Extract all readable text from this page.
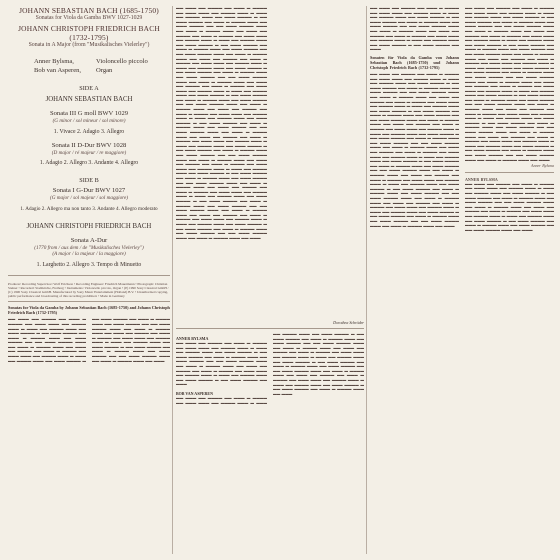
JOHANN SEBASTIAN BACH (1685-1750)
Sonatas for Viola da Gamba BWV 1027-1029
JOHANN CHRISTOPH FRIEDRICH BACH (1732-1795)
Sonata in A Major (from "Musikalisches Vielerley")
Anner Bylsma,	Violoncello piccolo
Bob van Asperen,	Organ
SIDE A
JOHANN SEBASTIAN BACH
Sonata III G moll BWV 1029
(G minor / sol mineur / sol minore)
1. Vivace 2. Adagio 3. Allegro
Sonata II D-Dur BWV 1028
(D major / ré majeur / re maggiore)
1. Adagio 2. Allegro 3. Andante 4. Allegro
SIDE B
Sonata I G-Dur BWV 1027
(G major / sol majeur / sol maggiore)
1. Adagio 2. Allegro ma non tanto 3. Andante 4. Allegro moderato
JOHANN CHRISTOPH FRIEDRICH BACH
Sonata A-Dur
(1770 from / aus dem / de "Musikalisches Vielerley")
(A major / la majeur / la maggiore)
1. Larghetto 2. Allegro 3. Tempo di Minuetto
Producer: Recording Supervisor: Wolf Erichson • Recording Engineer: Friedrich Mauermann • Photograph: Christian Steiner • Recorded: Stadtkirche, Freiberg • Instruments: Violoncello piccolo, Organ • (P) 1990 Sony Classical GmbH / (C) 1990 Sony Classical GmbH. Manufactured by Sony Music Entertainment (Holland) B.V. • Unauthorized copying, public performance and broadcasting of this recording prohibited. • Made in Germany
Sonatas for Viola da Gamba by Johann Sebastian Bach (1685-1750) and Johann Christoph Friedrich Bach (1732-1795)
▬▬ ▬▬▬ ▬▬ ▬▬▬▬ ▬▬ ▬▬▬ ▬ ▬▬▬▬ ▬▬ ▬▬▬ ▬▬▬ ▬▬ ▬▬▬▬ ▬▬▬ ▬ ▬▬▬ ▬▬ ▬▬▬▬ ▬▬▬ ▬▬ ▬▬▬ ▬▬▬▬ ▬ ▬▬ ▬▬▬ ▬▬▬▬ ▬▬ ▬▬▬ ▬ ▬▬▬▬ ▬▬▬ ▬▬ ▬▬▬ ▬▬▬▬ ▬▬ ▬▬ ▬▬▬ ▬▬▬▬ ▬▬▬ ▬▬ ▬▬▬ ▬ ▬▬▬▬ ▬▬▬ ▬▬ ▬▬▬ ▬▬ ▬▬▬▬ ▬▬ ▬▬▬ ▬ ▬▬▬▬ ▬▬ ▬▬▬ ▬▬▬ ▬▬ ▬▬▬▬ ▬▬▬ ▬ ▬▬▬ ▬▬ ▬▬▬▬ ▬▬▬ ▬▬ ▬▬▬ ▬▬▬▬ ▬ ▬▬ ▬▬▬ ▬▬▬▬ ▬▬ ▬▬▬ ▬ ▬▬▬▬ ▬▬▬ ▬▬ ▬▬▬ ▬▬▬▬ ▬▬ ▬▬ ▬▬▬ ▬▬▬▬ ▬▬▬ ▬▬ ▬▬▬ ▬ ▬▬▬▬ ▬▬▬ ▬▬ ▬▬▬ ▬▬ ▬▬▬▬ ▬▬ ▬▬▬ ▬ ▬▬▬▬ ▬▬ ▬▬▬ ▬▬▬ ▬▬ ▬▬▬▬ ▬▬▬ ▬ ▬▬▬ ▬▬ ▬▬▬▬ ▬▬▬ ▬▬ ▬▬▬ ▬▬▬▬ ▬ ▬▬ ▬▬▬ ▬▬▬▬ ▬▬ ▬▬▬ ▬ ▬▬▬▬ ▬▬▬ ▬▬ ▬▬▬ ▬▬▬▬ ▬▬ ▬▬ ▬▬▬ ▬▬▬▬ ▬▬▬ ▬▬ ▬▬▬ ▬ ▬▬▬▬ ▬▬▬ ▬▬ ▬▬▬
▬▬ ▬▬▬ ▬▬ ▬▬▬▬ ▬▬ ▬▬▬ ▬ ▬▬▬▬ ▬▬ ▬▬▬ ▬▬▬ ▬▬ ▬▬▬▬ ▬▬▬ ▬ ▬▬▬ ▬▬ ▬▬▬▬ ▬▬▬ ▬▬ ▬▬▬ ▬▬▬▬ ▬ ▬▬ ▬▬▬ ▬▬▬▬ ▬▬ ▬▬▬ ▬ ▬▬▬▬ ▬▬▬ ▬▬ ▬▬▬ ▬▬▬▬ ▬▬ ▬▬ ▬▬▬ ▬▬▬▬ ▬▬▬ ▬▬ ▬▬▬ ▬ ▬▬▬▬ ▬▬▬ ▬▬ ▬▬▬ ▬▬ ▬▬▬▬ ▬▬ ▬▬▬ ▬ ▬▬▬▬ ▬▬ ▬▬▬ ▬▬▬ ▬▬ ▬▬▬▬ ▬▬▬ ▬ ▬▬▬ ▬▬ ▬▬▬▬ ▬▬▬ ▬▬ ▬▬▬ ▬▬▬▬ ▬ ▬▬ ▬▬▬ ▬▬▬▬ ▬▬ ▬▬▬ ▬ ▬▬▬▬ ▬▬▬ ▬▬ ▬▬▬ ▬▬▬▬ ▬▬ ▬▬ ▬▬▬ ▬▬▬▬ ▬▬▬ ▬▬ ▬▬▬ ▬ ▬▬▬▬ ▬▬▬ ▬▬ ▬▬▬ ▬▬ ▬▬▬▬ ▬▬ ▬▬▬ ▬ ▬▬▬▬ ▬▬ ▬▬▬ ▬▬▬ ▬▬ ▬▬▬▬ ▬▬▬ ▬ ▬▬▬ ▬▬ ▬▬▬▬ ▬▬▬ ▬▬ ▬▬▬ ▬▬▬▬ ▬ ▬▬ ▬▬▬ ▬▬▬▬ ▬▬ ▬▬▬ ▬ ▬▬▬▬ ▬▬▬ ▬▬ ▬▬▬ ▬▬▬▬ ▬▬ ▬▬ ▬▬▬ ▬▬▬▬ ▬▬▬ ▬▬ ▬▬▬ ▬ ▬▬▬▬ ▬▬▬ ▬▬ ▬▬▬ ▬▬ ▬▬▬▬ ▬▬ ▬▬▬ ▬ ▬▬▬▬ ▬▬ ▬▬▬ ▬▬▬ ▬▬ ▬▬▬▬ ▬▬▬ ▬ ▬▬▬ ▬▬ ▬▬▬▬ ▬▬▬ ▬▬ ▬▬▬ ▬▬▬▬ ▬ ▬▬ ▬▬▬ ▬▬▬▬ ▬▬ ▬▬▬ ▬ ▬▬▬▬ ▬▬▬ ▬▬ ▬▬▬ ▬▬▬▬ ▬▬ ▬▬ ▬▬▬ ▬▬▬▬ ▬▬▬ ▬▬ ▬▬▬ ▬ ▬▬▬▬ ▬▬▬ ▬▬ ▬▬▬ ▬▬ ▬▬▬▬ ▬▬ ▬▬▬ ▬ ▬▬▬▬ ▬▬ ▬▬▬ ▬▬▬ ▬▬ ▬▬▬▬ ▬▬▬ ▬ ▬▬▬ ▬▬ ▬▬▬▬ ▬▬▬ ▬▬ ▬▬▬ ▬▬▬▬ ▬ ▬▬ ▬▬▬ ▬▬▬▬ ▬▬ ▬▬▬ ▬ ▬▬▬▬ ▬▬▬ ▬▬ ▬▬▬ ▬▬▬▬ ▬▬ ▬▬ ▬▬▬ ▬▬▬▬ ▬▬▬ ▬▬ ▬▬▬ ▬ ▬▬▬▬ ▬▬▬ ▬▬ ▬▬▬ ▬▬ ▬▬▬▬ ▬▬ ▬▬▬ ▬ ▬▬▬▬ ▬▬ ▬▬▬ ▬▬▬ ▬▬ ▬▬▬▬ ▬▬▬ ▬ ▬▬▬ ▬▬ ▬▬▬▬ ▬▬▬ ▬▬ ▬▬▬ ▬▬▬▬ ▬ ▬▬ ▬▬▬ ▬▬▬▬ ▬▬ ▬▬▬ ▬ ▬▬▬▬ ▬▬▬ ▬▬ ▬▬▬ ▬▬▬▬ ▬▬ ▬▬ ▬▬▬ ▬▬▬▬ ▬▬▬ ▬▬ ▬▬▬ ▬ ▬▬▬▬ ▬▬▬ ▬▬ ▬▬▬ ▬▬ ▬▬▬▬ ▬▬ ▬▬▬ ▬ ▬▬▬▬ ▬▬ ▬▬▬ ▬▬▬ ▬▬ ▬▬▬▬ ▬▬▬ ▬ ▬▬▬ ▬▬ ▬▬▬▬ ▬▬▬ ▬▬ ▬▬▬ ▬▬▬▬ ▬ ▬▬ ▬▬▬ ▬▬▬▬ ▬▬ ▬▬▬ ▬ ▬▬▬▬ ▬▬▬ ▬▬ ▬▬▬ ▬▬▬▬ ▬▬ ▬▬ ▬▬▬ ▬▬▬▬ ▬▬▬ ▬▬ ▬▬▬ ▬ ▬▬▬▬ ▬▬▬ ▬▬ ▬▬▬ ▬▬ ▬▬▬▬ ▬▬ ▬▬▬ ▬ ▬▬▬▬ ▬▬ ▬▬▬ ▬▬▬ ▬▬ ▬▬▬▬ ▬▬▬ ▬ ▬▬▬ ▬▬ ▬▬▬▬ ▬▬▬ ▬▬ ▬▬▬ ▬▬▬▬ ▬ ▬▬ ▬▬▬ ▬▬▬▬ ▬▬ ▬▬▬ ▬ ▬▬▬▬ ▬▬▬ ▬▬ ▬▬▬ ▬▬▬▬ ▬▬ ▬▬ ▬▬▬ ▬▬▬▬ ▬▬▬ ▬▬ ▬▬▬ ▬ ▬▬▬▬ ▬▬▬ ▬▬ ▬▬▬ ▬▬ ▬▬▬▬ ▬▬ ▬▬▬ ▬ ▬▬▬▬ ▬▬ ▬▬▬ ▬▬▬ ▬▬ ▬▬▬▬ ▬▬▬ ▬ ▬▬▬ ▬▬ ▬▬▬▬ ▬▬▬ ▬▬ ▬▬▬ ▬▬▬▬ ▬ ▬▬ ▬▬▬ ▬▬▬▬ ▬▬ ▬▬▬ ▬ ▬▬▬▬ ▬▬▬ ▬▬ ▬▬▬ ▬▬▬▬ ▬▬ ▬▬ ▬▬▬ ▬▬▬▬ ▬▬▬ ▬▬ ▬▬▬ ▬ ▬▬▬▬ ▬▬▬ ▬▬ ▬▬▬
Dorothea Schröder
ANNER BYLSMA
▬▬ ▬▬▬ ▬▬ ▬▬▬▬ ▬▬ ▬▬▬ ▬ ▬▬▬▬ ▬▬ ▬▬▬ ▬▬▬ ▬▬ ▬▬▬▬ ▬▬▬ ▬ ▬▬▬ ▬▬ ▬▬▬▬ ▬▬▬ ▬▬ ▬▬▬ ▬▬▬▬ ▬ ▬▬ ▬▬▬ ▬▬▬▬ ▬▬ ▬▬▬ ▬ ▬▬▬▬ ▬▬▬ ▬▬ ▬▬▬ ▬▬▬▬ ▬▬ ▬▬ ▬▬▬ ▬▬▬▬ ▬▬▬ ▬▬ ▬▬▬ ▬ ▬▬▬▬ ▬▬▬ ▬▬ ▬▬▬ ▬▬ ▬▬▬▬ ▬▬ ▬▬▬ ▬ ▬▬▬▬ ▬▬ ▬▬▬ ▬▬▬ ▬▬ ▬▬▬▬ ▬▬▬ ▬ ▬▬▬ ▬▬ ▬▬▬▬ ▬▬▬ ▬▬ ▬▬▬ ▬▬▬▬ ▬ ▬▬ ▬▬▬ ▬▬▬▬ ▬▬ ▬▬▬
BOB VAN ASPEREN
▬▬ ▬▬▬ ▬▬ ▬▬▬▬ ▬▬ ▬▬▬ ▬ ▬▬▬▬ ▬▬ ▬▬▬ ▬▬▬ ▬▬ ▬▬▬▬ ▬▬▬ ▬ ▬▬▬ ▬▬ ▬▬▬▬ ▬▬▬ ▬▬ ▬▬▬ ▬▬▬▬ ▬ ▬▬ ▬▬▬ ▬▬▬▬ ▬▬ ▬▬▬ ▬ ▬▬▬▬ ▬▬▬ ▬▬ ▬▬▬ ▬▬▬▬ ▬▬ ▬▬ ▬▬▬ ▬▬▬▬ ▬▬▬ ▬▬ ▬▬▬ ▬ ▬▬▬▬ ▬▬▬ ▬▬ ▬▬▬ ▬▬ ▬▬▬▬ ▬▬ ▬▬▬ ▬ ▬▬▬▬ ▬▬ ▬▬▬ ▬▬▬ ▬▬ ▬▬▬▬ ▬▬▬ ▬ ▬▬▬ ▬▬ ▬▬▬▬ ▬▬▬ ▬▬ ▬▬▬ ▬▬▬▬ ▬ ▬▬ ▬▬▬ ▬▬▬▬ ▬▬ ▬▬▬ ▬ ▬▬▬▬ ▬▬▬ ▬▬ ▬▬▬ ▬▬▬▬ ▬▬ ▬▬ ▬▬▬ ▬▬▬▬ ▬▬▬ ▬▬ ▬▬▬ ▬ ▬▬▬▬ ▬▬▬ ▬▬ ▬▬▬ ▬▬ ▬▬▬▬ ▬▬ ▬▬▬ ▬ ▬▬▬▬ ▬▬ ▬▬▬ ▬▬▬ ▬▬ ▬▬▬▬ ▬▬▬ ▬ ▬▬▬ ▬▬ ▬▬▬▬ ▬▬▬ ▬▬ ▬▬▬ ▬▬▬▬ ▬ ▬▬ ▬▬▬ ▬▬▬▬ ▬▬ ▬▬▬ ▬ ▬▬▬▬ ▬▬▬ ▬▬ ▬▬▬
▬▬ ▬▬▬ ▬▬ ▬▬▬▬ ▬▬ ▬▬▬ ▬ ▬▬▬▬ ▬▬ ▬▬▬ ▬▬▬ ▬▬ ▬▬▬▬ ▬▬▬ ▬ ▬▬▬ ▬▬ ▬▬▬▬ ▬▬▬ ▬▬ ▬▬▬ ▬▬▬▬ ▬ ▬▬ ▬▬▬ ▬▬▬▬ ▬▬ ▬▬▬ ▬ ▬▬▬▬ ▬▬▬ ▬▬ ▬▬▬ ▬▬▬▬ ▬▬ ▬▬ ▬▬▬ ▬▬▬▬ ▬▬▬ ▬▬ ▬▬▬ ▬ ▬▬▬▬ ▬▬▬ ▬▬ ▬▬▬ ▬▬ ▬▬▬▬ ▬▬ ▬▬▬ ▬ ▬▬▬▬ ▬▬ ▬▬▬ ▬▬▬ ▬▬ ▬▬▬▬ ▬▬▬ ▬ ▬▬▬ ▬▬ ▬▬▬▬ ▬▬▬ ▬▬ ▬▬▬ ▬▬▬▬ ▬ ▬▬ ▬▬▬ ▬▬▬▬ ▬▬ ▬▬▬
Sonaten für Viola da Gamba von Johann Sebastian Bach (1685-1750) und Johann Christoph Friedrich Bach (1732-1795)
▬▬ ▬▬▬ ▬▬ ▬▬▬▬ ▬▬ ▬▬▬ ▬ ▬▬▬▬ ▬▬ ▬▬▬ ▬▬▬ ▬▬ ▬▬▬▬ ▬▬▬ ▬ ▬▬▬ ▬▬ ▬▬▬▬ ▬▬▬ ▬▬ ▬▬▬ ▬▬▬▬ ▬ ▬▬ ▬▬▬ ▬▬▬▬ ▬▬ ▬▬▬ ▬ ▬▬▬▬ ▬▬▬ ▬▬ ▬▬▬ ▬▬▬▬ ▬▬ ▬▬ ▬▬▬ ▬▬▬▬ ▬▬▬ ▬▬ ▬▬▬ ▬ ▬▬▬▬ ▬▬▬ ▬▬ ▬▬▬ ▬▬ ▬▬▬▬ ▬▬ ▬▬▬ ▬ ▬▬▬▬ ▬▬ ▬▬▬ ▬▬▬ ▬▬ ▬▬▬▬ ▬▬▬ ▬ ▬▬▬ ▬▬ ▬▬▬▬ ▬▬▬ ▬▬ ▬▬▬ ▬▬▬▬ ▬ ▬▬ ▬▬▬ ▬▬▬▬ ▬▬ ▬▬▬ ▬ ▬▬▬▬ ▬▬▬ ▬▬ ▬▬▬ ▬▬▬▬ ▬▬ ▬▬ ▬▬▬ ▬▬▬▬ ▬▬▬ ▬▬ ▬▬▬ ▬ ▬▬▬▬ ▬▬▬ ▬▬ ▬▬▬ ▬▬ ▬▬▬▬ ▬▬ ▬▬▬ ▬ ▬▬▬▬ ▬▬ ▬▬▬ ▬▬▬ ▬▬ ▬▬▬▬ ▬▬▬ ▬ ▬▬▬ ▬▬ ▬▬▬▬ ▬▬▬ ▬▬ ▬▬▬ ▬▬▬▬ ▬ ▬▬ ▬▬▬ ▬▬▬▬ ▬▬ ▬▬▬ ▬ ▬▬▬▬ ▬▬▬ ▬▬ ▬▬▬ ▬▬▬▬ ▬▬ ▬▬ ▬▬▬ ▬▬▬▬ ▬▬▬ ▬▬ ▬▬▬ ▬ ▬▬▬▬ ▬▬▬ ▬▬ ▬▬▬ ▬▬ ▬▬▬▬ ▬▬ ▬▬▬ ▬ ▬▬▬▬ ▬▬ ▬▬▬ ▬▬▬ ▬▬ ▬▬▬▬ ▬▬▬ ▬ ▬▬▬ ▬▬ ▬▬▬▬ ▬▬▬ ▬▬ ▬▬▬ ▬▬▬▬ ▬ ▬▬ ▬▬▬ ▬▬▬▬ ▬▬ ▬▬▬ ▬ ▬▬▬▬ ▬▬▬ ▬▬ ▬▬▬ ▬▬▬▬ ▬▬ ▬▬ ▬▬▬ ▬▬▬▬ ▬▬▬ ▬▬ ▬▬▬ ▬ ▬▬▬▬ ▬▬▬ ▬▬ ▬▬▬ ▬▬ ▬▬▬▬ ▬▬ ▬▬▬ ▬ ▬▬▬▬ ▬▬ ▬▬▬ ▬▬▬ ▬▬ ▬▬▬▬ ▬▬▬ ▬ ▬▬▬ ▬▬ ▬▬▬▬ ▬▬▬ ▬▬ ▬▬▬ ▬▬▬▬ ▬ ▬▬ ▬▬▬ ▬▬▬▬ ▬▬ ▬▬▬ ▬ ▬▬▬▬ ▬▬▬ ▬▬ ▬▬▬ ▬▬▬▬ ▬▬ ▬▬ ▬▬▬ ▬▬▬▬ ▬▬▬ ▬▬ ▬▬▬ ▬ ▬▬▬▬ ▬▬▬ ▬▬ ▬▬▬ ▬▬ ▬▬▬▬ ▬▬ ▬▬▬ ▬ ▬▬▬▬ ▬▬ ▬▬▬ ▬▬▬ ▬▬ ▬▬▬▬ ▬▬▬ ▬ ▬▬▬ ▬▬ ▬▬▬▬ ▬▬▬ ▬▬ ▬▬▬ ▬▬▬▬ ▬ ▬▬ ▬▬▬ ▬▬▬▬ ▬▬ ▬▬▬ ▬ ▬▬▬▬ ▬▬▬ ▬▬ ▬▬▬ ▬▬▬▬ ▬▬ ▬▬ ▬▬▬ ▬▬▬▬ ▬▬▬ ▬▬ ▬▬▬ ▬ ▬▬▬▬ ▬▬▬ ▬▬ ▬▬▬
▬▬ ▬▬▬ ▬▬ ▬▬▬▬ ▬▬ ▬▬▬ ▬ ▬▬▬▬ ▬▬ ▬▬▬ ▬▬▬ ▬▬ ▬▬▬▬ ▬▬▬ ▬ ▬▬▬ ▬▬ ▬▬▬▬ ▬▬▬ ▬▬ ▬▬▬ ▬▬▬▬ ▬ ▬▬ ▬▬▬ ▬▬▬▬ ▬▬ ▬▬▬ ▬ ▬▬▬▬ ▬▬▬ ▬▬ ▬▬▬ ▬▬▬▬ ▬▬ ▬▬ ▬▬▬ ▬▬▬▬ ▬▬▬ ▬▬ ▬▬▬ ▬ ▬▬▬▬ ▬▬▬ ▬▬ ▬▬▬ ▬▬ ▬▬▬▬ ▬▬ ▬▬▬ ▬ ▬▬▬▬ ▬▬ ▬▬▬ ▬▬▬ ▬▬ ▬▬▬▬ ▬▬▬ ▬ ▬▬▬ ▬▬ ▬▬▬▬ ▬▬▬ ▬▬ ▬▬▬ ▬▬▬▬ ▬ ▬▬ ▬▬▬ ▬▬▬▬ ▬▬ ▬▬▬ ▬ ▬▬▬▬ ▬▬▬ ▬▬ ▬▬▬ ▬▬▬▬ ▬▬ ▬▬ ▬▬▬ ▬▬▬▬ ▬▬▬ ▬▬ ▬▬▬ ▬ ▬▬▬▬ ▬▬▬ ▬▬ ▬▬▬ ▬▬ ▬▬▬▬ ▬▬ ▬▬▬ ▬ ▬▬▬▬ ▬▬ ▬▬▬ ▬▬▬ ▬▬ ▬▬▬▬ ▬▬▬ ▬ ▬▬▬ ▬▬ ▬▬▬▬ ▬▬▬ ▬▬ ▬▬▬ ▬▬▬▬ ▬ ▬▬ ▬▬▬ ▬▬▬▬ ▬▬ ▬▬▬ ▬ ▬▬▬▬ ▬▬▬ ▬▬ ▬▬▬ ▬▬▬▬ ▬▬ ▬▬ ▬▬▬ ▬▬▬▬ ▬▬▬ ▬▬ ▬▬▬ ▬ ▬▬▬▬ ▬▬▬ ▬▬ ▬▬▬ ▬▬ ▬▬▬▬ ▬▬ ▬▬▬ ▬ ▬▬▬▬ ▬▬ ▬▬▬ ▬▬▬ ▬▬ ▬▬▬▬ ▬▬▬ ▬ ▬▬▬ ▬▬ ▬▬▬▬ ▬▬▬ ▬▬ ▬▬▬ ▬▬▬▬ ▬ ▬▬ ▬▬▬ ▬▬▬▬ ▬▬ ▬▬▬ ▬ ▬▬▬▬ ▬▬▬ ▬▬ ▬▬▬ ▬▬▬▬ ▬▬ ▬▬ ▬▬▬ ▬▬▬▬ ▬▬▬ ▬▬ ▬▬▬ ▬ ▬▬▬▬ ▬▬▬ ▬▬ ▬▬▬ ▬▬ ▬▬▬▬ ▬▬ ▬▬▬ ▬ ▬▬▬▬ ▬▬ ▬▬▬ ▬▬▬ ▬▬ ▬▬▬▬ ▬▬▬ ▬ ▬▬▬ ▬▬ ▬▬▬▬ ▬▬▬ ▬▬ ▬▬▬ ▬▬▬▬ ▬ ▬▬ ▬▬▬ ▬▬▬▬ ▬▬ ▬▬▬ ▬ ▬▬▬▬ ▬▬▬ ▬▬ ▬▬▬ ▬▬▬▬ ▬▬ ▬▬ ▬▬▬ ▬▬▬▬ ▬▬▬ ▬▬ ▬▬▬ ▬ ▬▬▬▬ ▬▬▬ ▬▬ ▬▬▬ ▬▬ ▬▬▬▬ ▬▬ ▬▬▬ ▬ ▬▬▬▬ ▬▬ ▬▬▬ ▬▬▬ ▬▬ ▬▬▬▬ ▬▬▬ ▬ ▬▬▬ ▬▬ ▬▬▬▬ ▬▬▬ ▬▬ ▬▬▬ ▬▬▬▬ ▬ ▬▬ ▬▬▬ ▬▬▬▬ ▬▬ ▬▬▬ ▬ ▬▬▬▬ ▬▬▬ ▬▬ ▬▬▬ ▬▬▬▬ ▬▬ ▬▬ ▬▬▬ ▬▬▬▬ ▬▬▬ ▬▬ ▬▬▬ ▬ ▬▬▬▬ ▬▬▬ ▬▬ ▬▬▬
Anner Bylsma
ANNER BYLSMA
▬▬ ▬▬▬ ▬▬ ▬▬▬▬ ▬▬ ▬▬▬ ▬ ▬▬▬▬ ▬▬ ▬▬▬ ▬▬▬ ▬▬ ▬▬▬▬ ▬▬▬ ▬ ▬▬▬ ▬▬ ▬▬▬▬ ▬▬▬ ▬▬ ▬▬▬ ▬▬▬▬ ▬ ▬▬ ▬▬▬ ▬▬▬▬ ▬▬ ▬▬▬ ▬ ▬▬▬▬ ▬▬▬ ▬▬ ▬▬▬ ▬▬▬▬ ▬▬ ▬▬ ▬▬▬ ▬▬▬▬ ▬▬▬ ▬▬ ▬▬▬ ▬ ▬▬▬▬ ▬▬▬ ▬▬ ▬▬▬ ▬▬ ▬▬▬▬ ▬▬ ▬▬▬ ▬ ▬▬▬▬ ▬▬ ▬▬▬ ▬▬▬ ▬▬ ▬▬▬▬ ▬▬▬ ▬ ▬▬▬ ▬▬ ▬▬▬▬ ▬▬▬ ▬▬ ▬▬▬ ▬▬▬▬ ▬ ▬▬ ▬▬▬ ▬▬▬▬ ▬▬ ▬▬▬ ▬ ▬▬▬▬ ▬▬▬ ▬▬ ▬▬▬ ▬▬▬▬ ▬▬ ▬▬ ▬▬▬ ▬▬▬▬ ▬▬▬ ▬▬ ▬▬▬
